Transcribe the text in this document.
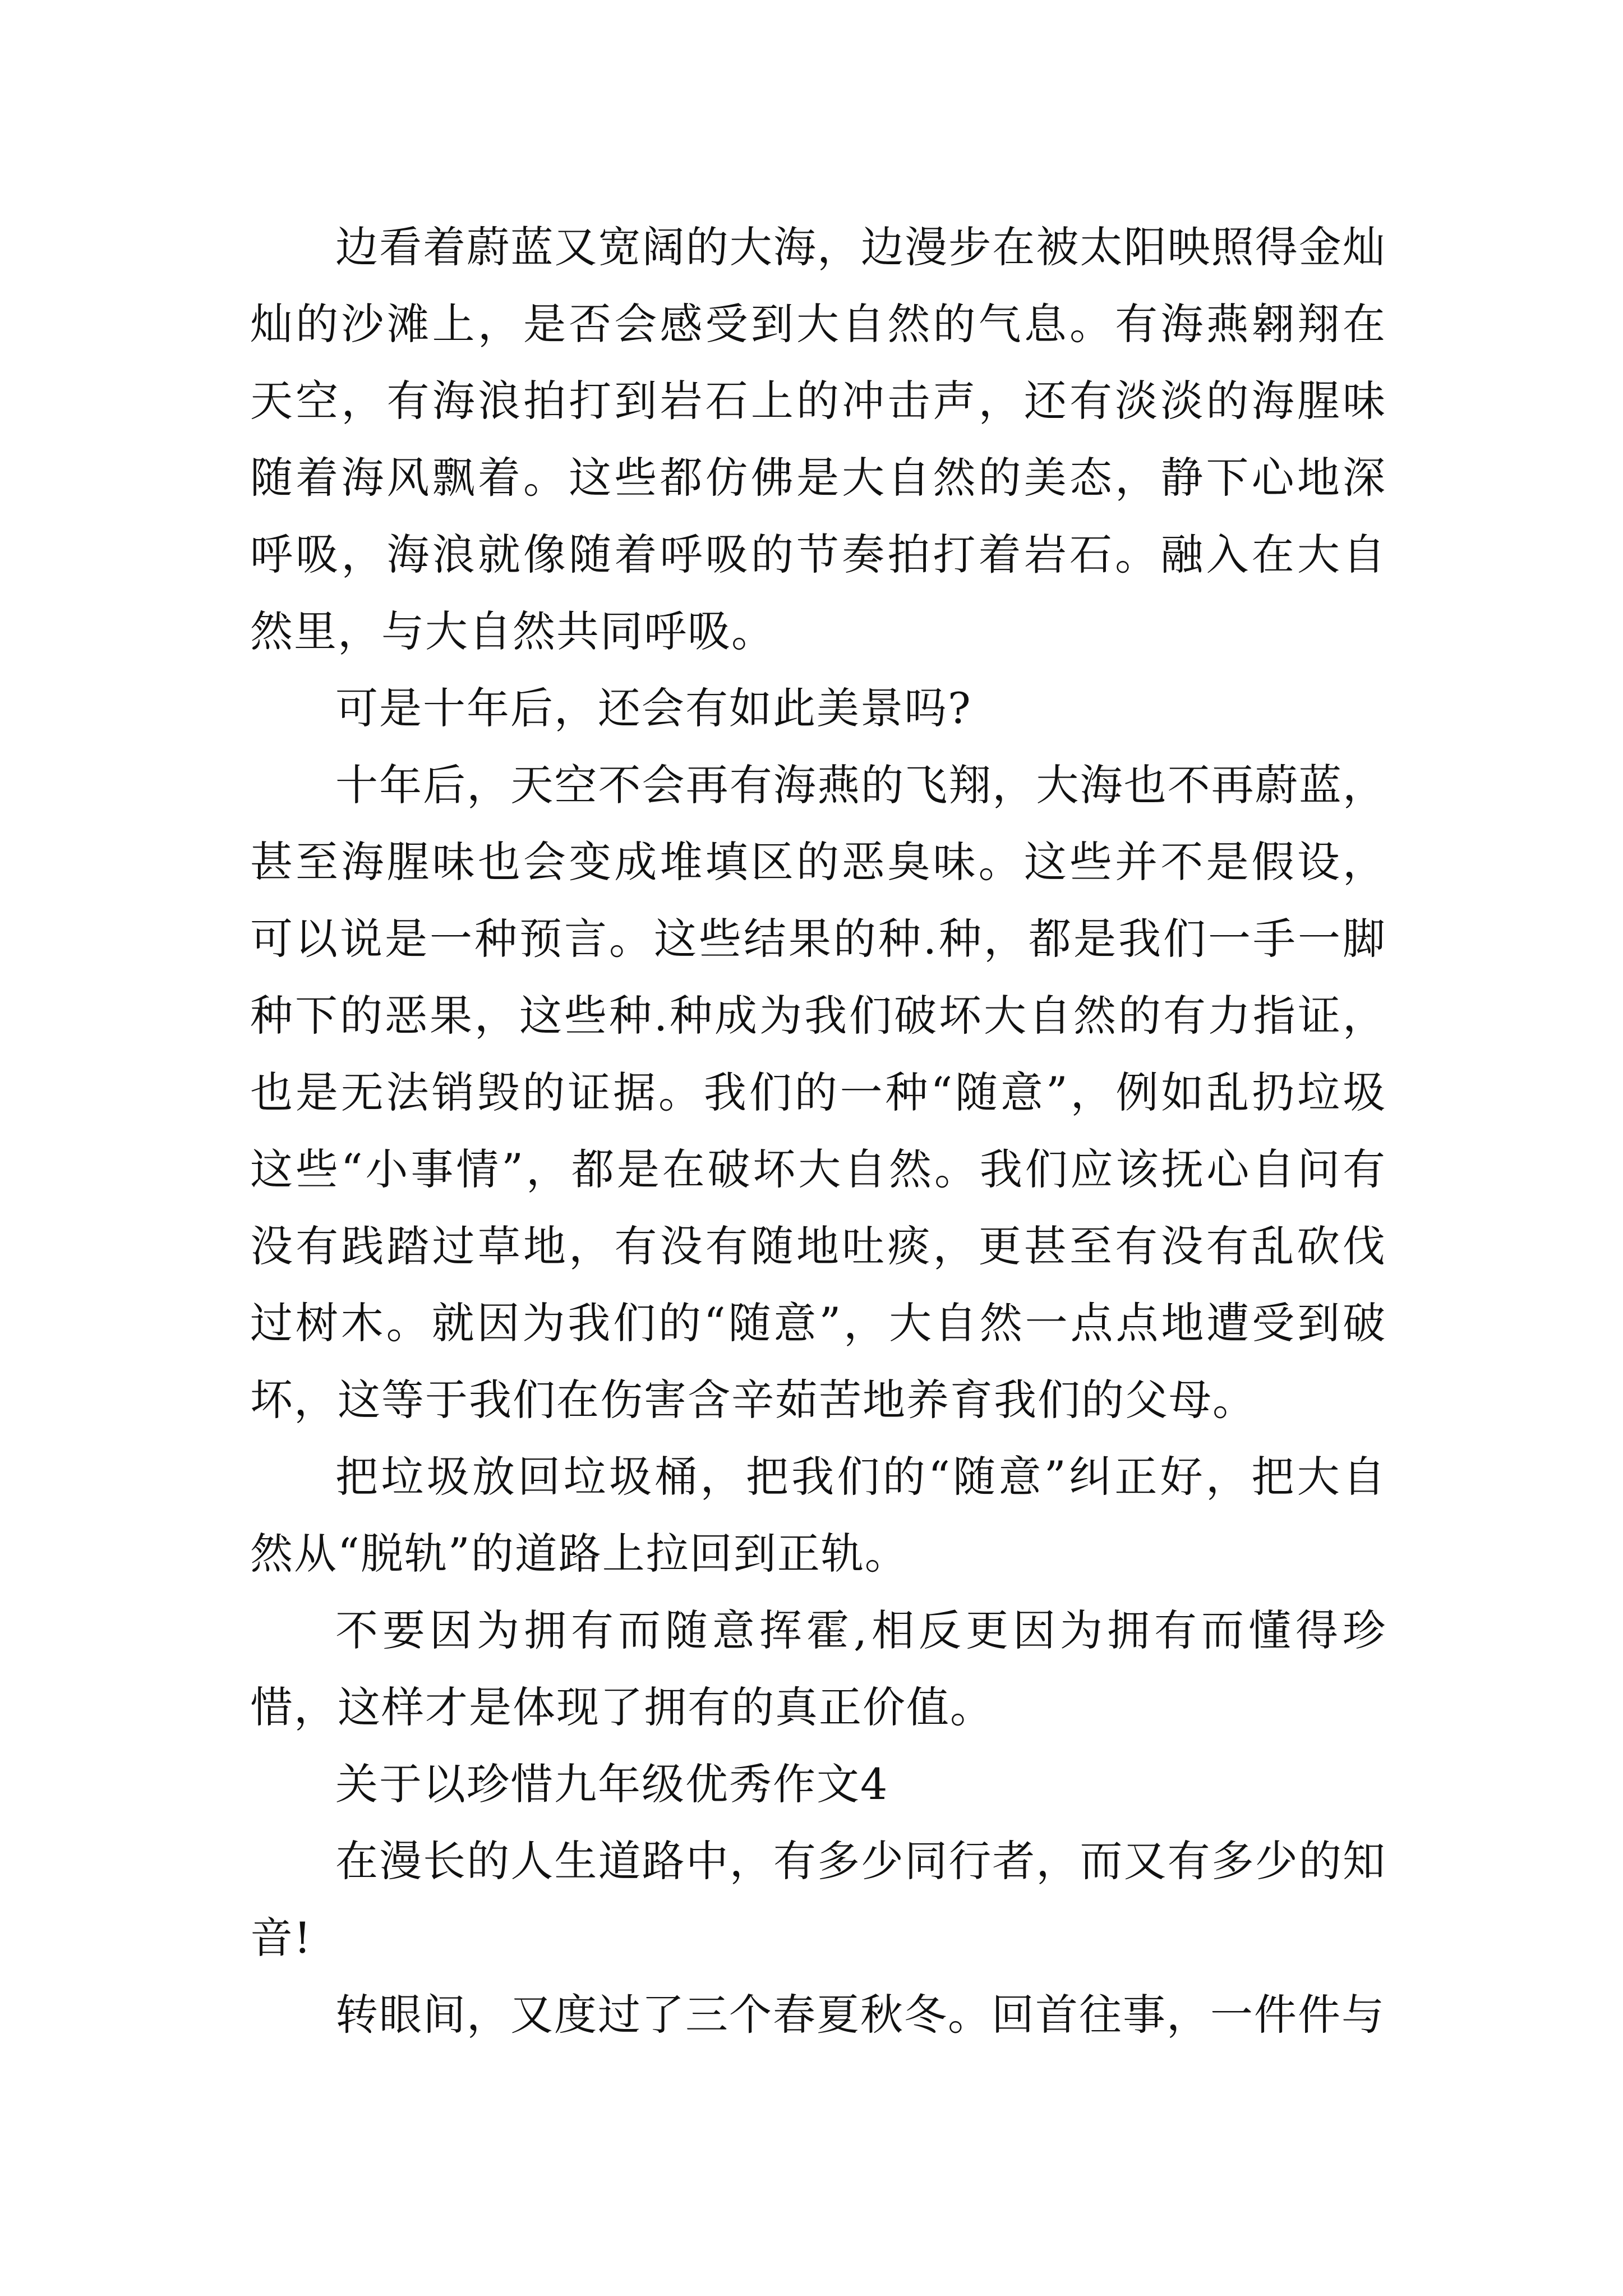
边看着蔚蓝又宽阔的大海，边漫步在被太阳映照得金灿灿的沙滩上，是否会感受到大自然的气息。有海燕翱翔在天空，有海浪拍打到岩石上的冲击声，还有淡淡的海腥味随着海风飘着。这些都仿佛是大自然的美态，静下心地深呼吸，海浪就像随着呼吸的节奏拍打着岩石。融入在大自然里，与大自然共同呼吸。

可是十年后，还会有如此美景吗?

十年后，天空不会再有海燕的飞翔，大海也不再蔚蓝，甚至海腥味也会变成堆填区的恶臭味。这些并不是假设，可以说是一种预言。这些结果的种.种，都是我们一手一脚种下的恶果，这些种.种成为我们破坏大自然的有力指证，也是无法销毁的证据。我们的一种“随意”，例如乱扔垃圾这些“小事情”，都是在破坏大自然。我们应该抚心自问有没有践踏过草地，有没有随地吐痰，更甚至有没有乱砍伐过树木。就因为我们的“随意”，大自然一点点地遭受到破坏，这等于我们在伤害含辛茹苦地养育我们的父母。

把垃圾放回垃圾桶，把我们的“随意”纠正好，把大自然从“脱轨”的道路上拉回到正轨。

不要因为拥有而随意挥霍,相反更因为拥有而懂得珍惜，这样才是体现了拥有的真正价值。

关于以珍惜九年级优秀作文4

在漫长的人生道路中，有多少同行者，而又有多少的知音!

转眼间，又度过了三个春夏秋冬。回首往事，一件件与
